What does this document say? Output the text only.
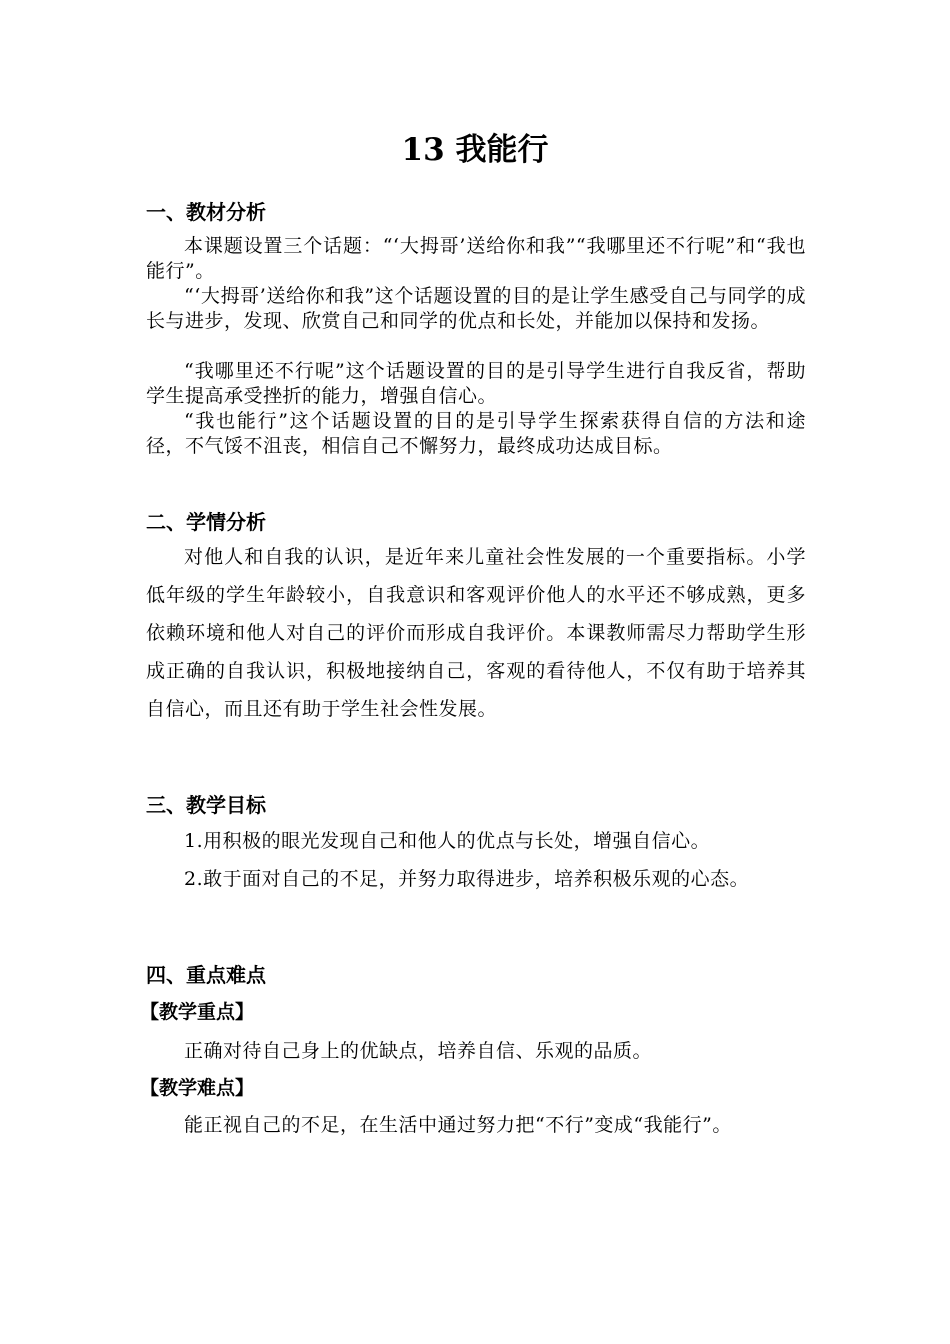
13 我能行
一、教材分析

本课题设置三个话题：“‘大拇哥’送给你和我”“我哪里还不行呢”和“我也能行”。

“‘大拇哥’送给你和我”这个话题设置的目的是让学生感受自己与同学的成长与进步，发现、欣赏自己和同学的优点和长处，并能加以保持和发扬。

“我哪里还不行呢”这个话题设置的目的是引导学生进行自我反省，帮助学生提高承受挫折的能力，增强自信心。

“我也能行”这个话题设置的目的是引导学生探索获得自信的方法和途径，不气馁不沮丧，相信自己不懈努力，最终成功达成目标。

二、学情分析

对他人和自我的认识，是近年来儿童社会性发展的一个重要指标。小学低年级的学生年龄较小，自我意识和客观评价他人的水平还不够成熟，更多依赖环境和他人对自己的评价而形成自我评价。本课教师需尽力帮助学生形成正确的自我认识，积极地接纳自己，客观的看待他人，不仅有助于培养其自信心，而且还有助于学生社会性发展。

三、教学目标

1.用积极的眼光发现自己和他人的优点与长处，增强自信心。

2.敢于面对自己的不足，并努力取得进步，培养积极乐观的心态。

四、重点难点
【教学重点】

正确对待自己身上的优缺点，培养自信、乐观的品质。

【教学难点】

能正视自己的不足，在生活中通过努力把“不行”变成“我能行”。
